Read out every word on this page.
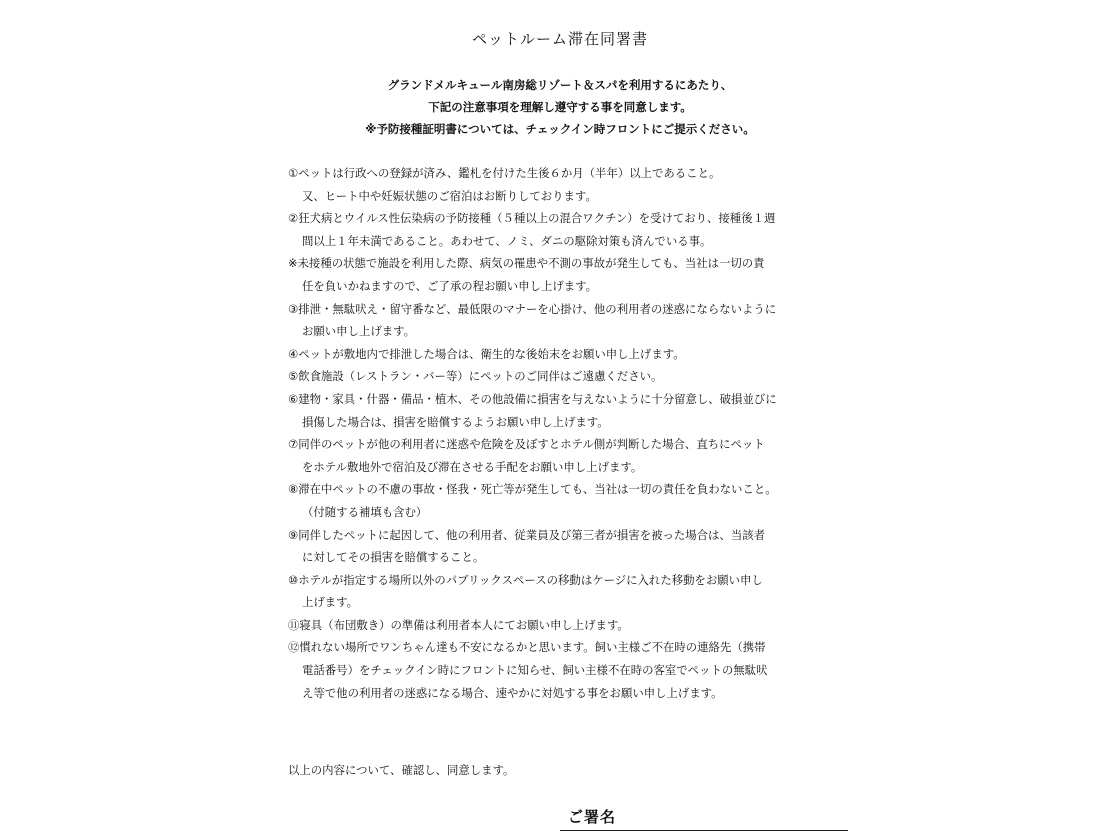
ペットルーム滞在同署書
グランドメルキュール南房総リゾート＆スパを利用するにあたり、
下記の注意事項を理解し遵守する事を同意します。
※予防接種証明書については、チェックイン時フロントにご提示ください。
①ペットは行政への登録が済み、鑑札を付けた生後６か月（半年）以上であること。
又、ヒート中や妊娠状態のご宿泊はお断りしております。
②狂犬病とウイルス性伝染病の予防接種（５種以上の混合ワクチン）を受けており、接種後１週
間以上１年未満であること。あわせて、ノミ、ダニの駆除対策も済んでいる事。
※未接種の状態で施設を利用した際、病気の罹患や不測の事故が発生しても、当社は一切の責
任を負いかねますので、ご了承の程お願い申し上げます。
③排泄・無駄吠え・留守番など、最低限のマナーを心掛け、他の利用者の迷惑にならないように
お願い申し上げます。
④ペットが敷地内で排泄した場合は、衛生的な後始末をお願い申し上げます。
⑤飲食施設（レストラン・バー等）にペットのご同伴はご遠慮ください。
⑥建物・家具・什器・備品・植木、その他設備に損害を与えないように十分留意し、破損並びに
損傷した場合は、損害を賠償するようお願い申し上げます。
⑦同伴のペットが他の利用者に迷惑や危険を及ぼすとホテル側が判断した場合、直ちにペット
をホテル敷地外で宿泊及び滞在させる手配をお願い申し上げます。
⑧滞在中ペットの不慮の事故・怪我・死亡等が発生しても、当社は一切の責任を負わないこと。
（付随する補填も含む）
⑨同伴したペットに起因して、他の利用者、従業員及び第三者が損害を被った場合は、当該者
に対してその損害を賠償すること。
⑩ホテルが指定する場所以外のパブリックスペースの移動はケージに入れた移動をお願い申し
上げます。
⑪寝具（布団敷き）の準備は利用者本人にてお願い申し上げます。
⑫慣れない場所でワンちゃん達も不安になるかと思います。飼い主様ご不在時の連絡先（携帯
電話番号）をチェックイン時にフロントに知らせ、飼い主様不在時の客室でペットの無駄吠
え等で他の利用者の迷惑になる場合、速やかに対処する事をお願い申し上げます。
以上の内容について、確認し、同意します。
ご署名
